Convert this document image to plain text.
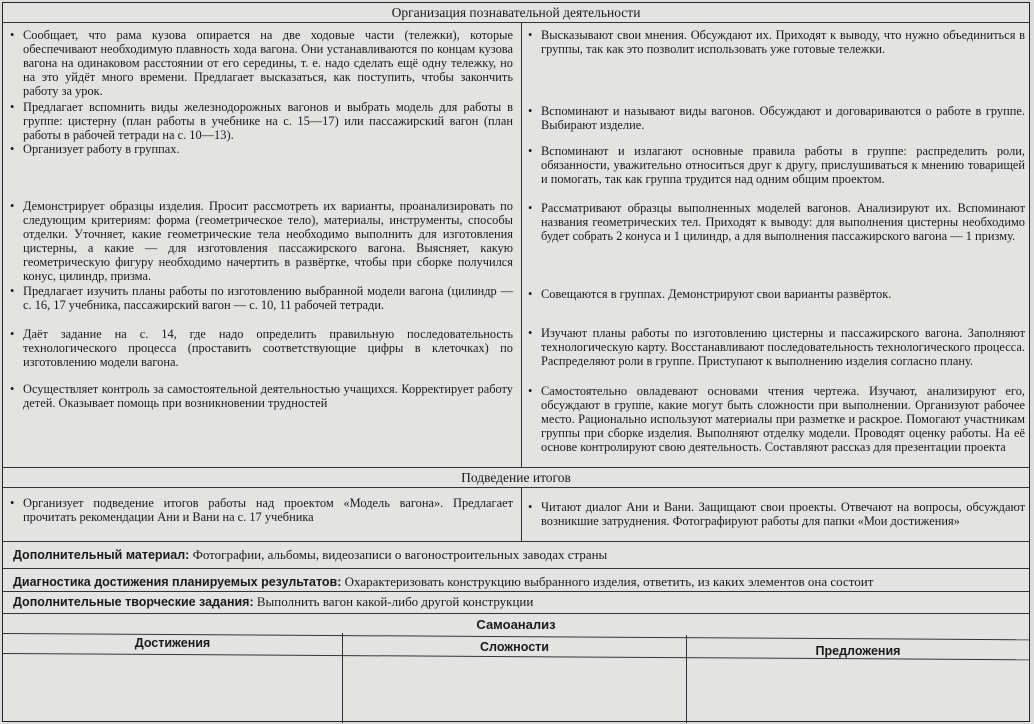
Организация познавательной деятельности
• Сообщает, что рама кузова опирается на две ходовые части (тележки), которые обеспечивают необходимую плавность хода вагона. Они устанавливаются по концам кузова вагона на одинаковом расстоянии от его середины, т. е. надо сделать ещё одну тележку, но на это уйдёт много времени. Предлагает высказаться, как поступить, чтобы закончить работу за урок.
• Предлагает вспомнить виды железнодорожных вагонов и выбрать модель для работы в группе: цистерну (план работы в учебнике на с. 15—17) или пассажирский вагон (план работы в рабочей тетради на с. 10—13).
• Организует работу в группах.
• Демонстрирует образцы изделия. Просит рассмотреть их варианты, проанализировать по следующим критериям: форма (геометрическое тело), материалы, инструменты, способы отделки. Уточняет, какие геометрические тела необходимо выполнить для изготовления цистерны, а какие — для изготовления пассажирского вагона. Выясняет, какую геометрическую фигуру необходимо начертить в развёртке, чтобы при сборке получился конус, цилиндр, призма.
• Предлагает изучить планы работы по изготовлению выбранной модели вагона (цилиндр — с. 16, 17 учебника, пассажирский вагон — с. 10, 11 рабочей тетради.
• Даёт задание на с. 14, где надо определить правильную последовательность технологического процесса (проставить соответствующие цифры в клеточках) по изготовлению модели вагона.
• Осуществляет контроль за самостоятельной деятельностью учащихся. Корректирует работу детей. Оказывает помощь при возникновении трудностей
• Высказывают свои мнения. Обсуждают их. Приходят к выводу, что нужно объединиться в группы, так как это позволит использовать уже готовые тележки.
• Вспоминают и называют виды вагонов. Обсуждают и договариваются о работе в группе. Выбирают изделие.
• Вспоминают и излагают основные правила работы в группе: распределить роли, обязанности, уважительно относиться друг к другу, прислушиваться к мнению товарищей и помогать, так как группа трудится над одним общим проектом.
• Рассматривают образцы выполненных моделей вагонов. Анализируют их. Вспоминают названия геометрических тел. Приходят к выводу: для выполнения цистерны необходимо будет собрать 2 конуса и 1 цилиндр, а для выполнения пассажирского вагона — 1 призму.
• Совещаются в группах. Демонстрируют свои варианты развёрток.
• Изучают планы работы по изготовлению цистерны и пассажирского вагона. Заполняют технологическую карту. Восстанавливают последовательность технологического процесса. Распределяют роли в группе. Приступают к выполнению изделия согласно плану.
• Самостоятельно овладевают основами чтения чертежа. Изучают, анализируют его, обсуждают в группе, какие могут быть сложности при выполнении. Организуют рабочее место. Рационально используют материалы при разметке и раскрое. Помогают участникам группы при сборке изделия. Выполняют отделку модели. Проводят оценку работы. На её основе контролируют свою деятельность. Составляют рассказ для презентации проекта
Подведение итогов
• Организует подведение итогов работы над проектом «Модель вагона». Предлагает прочитать рекомендации Ани и Вани на с. 17 учебника
• Читают диалог Ани и Вани. Защищают свои проекты. Отвечают на вопросы, обсуждают возникшие затруднения. Фотографируют работы для папки «Мои достижения»
Дополнительный материал: Фотографии, альбомы, видеозаписи о вагоностроительных заводах страны
Диагностика достижения планируемых результатов: Охарактеризовать конструкцию выбранного изделия, ответить, из каких элементов она состоит
Дополнительные творческие задания: Выполнить вагон какой-либо другой конструкции
Самоанализ
Достижения	Сложности	Предложения
